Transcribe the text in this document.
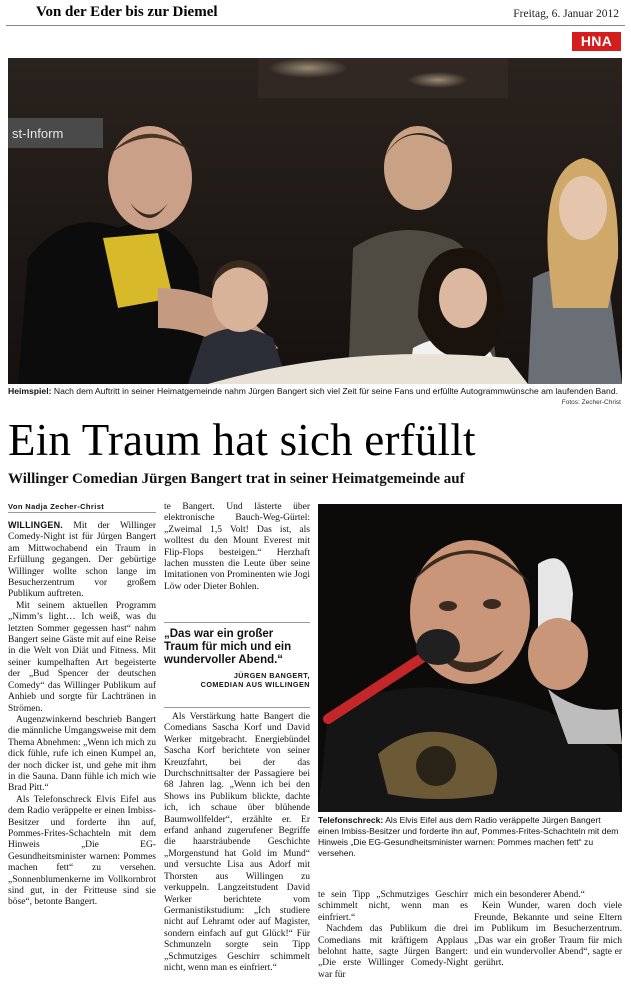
Von der Eder bis zur Diemel	Freitag, 6. Januar 2012
HNA
st-Inform
Heimspiel: Nach dem Auftritt in seiner Heimatgemeinde nahm Jürgen Bangert sich viel Zeit für seine Fans und erfüllte Autogrammwünsche am laufenden Band.
Fotos: Zecher-Christ
Ein Traum hat sich erfüllt
Willinger Comedian Jürgen Bangert trat in seiner Heimatgemeinde auf
Von Nadja Zecher-Christ

WILLINGEN. Mit der Willinger Comedy-Night ist für Jürgen Bangert am Mittwochabend ein Traum in Erfüllung gegangen. Der gebürtige Willinger wollte schon lange im Besucherzentrum vor großem Publikum auftreten.

Mit seinem aktuellen Programm „Nimm’s light… Ich weiß, was du letzten Sommer gegessen hast“ nahm Bangert seine Gäste mit auf eine Reise in die Welt von Diät und Fitness. Mit seiner kumpelhaften Art begeisterte der „Bud Spencer der deutschen Comedy“ das Willinger Publikum auf Anhieb und sorgte für Lachtränen in Strömen.

Augenzwinkernd beschrieb Bangert die männliche Umgangsweise mit dem Thema Abnehmen: „Wenn ich mich zu dick fühle, rufe ich einen Kumpel an, der noch dicker ist, und gehe mit ihm in die Sauna. Dann fühle ich mich wie Brad Pitt.“

Als Telefonschreck Elvis Eifel aus dem Radio veräppelte er einen Imbiss-Besitzer und forderte ihn auf, Pommes-Frites-Schachteln mit dem Hinweis „Die EG-Gesundheitsminister warnen: Pommes machen fett“ zu versehen. „Sonnenblumenkerne im Vollkornbrot sind gut, in der Fritteuse sind sie böse“, betonte Bangert.

te Bangert. Und lästerte über elektronische Bauch-Weg-Gürtel: „Zweimal 1,5 Volt! Das ist, als wolltest du den Mount Everest mit Flip-Flops besteigen.“ Herzhaft lachen mussten die Leute über seine Imitationen von Prominenten wie Jogi Löw oder Dieter Bohlen.

„Das war ein großer Traum für mich und ein wundervoller Abend.“
JÜRGEN BANGERT,
COMEDIAN AUS WILLINGEN

Als Verstärkung hatte Bangert die Comedians Sascha Korf und David Werker mitgebracht. Energiebündel Sascha Korf berichtete von seiner Kreuzfahrt, bei der das Durchschnittsalter der Passagiere bei 68 Jahren lag. „Wenn ich bei den Shows ins Publikum blickte, dachte ich, ich schaue über blühende Baumwollfelder“, erzählte er. Er erfand anhand zugerufener Begriffe die haarsträubende Geschichte „Morgenstund hat Gold im Mund“ und versuchte Lisa aus Adorf mit Thorsten aus Willingen zu verkuppeln. Langzeitstudent David Werker berichtete vom Germanistikstudium: „Ich studiere nicht auf Lehramt oder auf Magister, sondern einfach auf gut Glück!“ Für Schmunzeln sorgte sein Tipp „Schmutziges Geschirr schimmelt nicht, wenn man es einfriert.“

Telefonschreck: Als Elvis Eifel aus dem Radio veräppelte Jürgen Bangert einen Imbiss-Besitzer und forderte ihn auf, Pommes-Frites-Schachteln mit dem Hinweis „Die EG-Gesundheitsminister warnen: Pommes machen fett“ zu versehen.

te sein Tipp „Schmutziges Geschirr schimmelt nicht, wenn man es einfriert.“

Nachdem das Publikum die drei Comedians mit kräftigem Applaus belohnt hatte, sagte Jürgen Bangert: „Die erste Willinger Comedy-Night war für

mich ein besonderer Abend.“

Kein Wunder, waren doch viele Freunde, Bekannte und seine Eltern im Publikum im Besucherzentrum. „Das war ein großer Traum für mich und ein wundervoller Abend“, sagte er gerührt.
